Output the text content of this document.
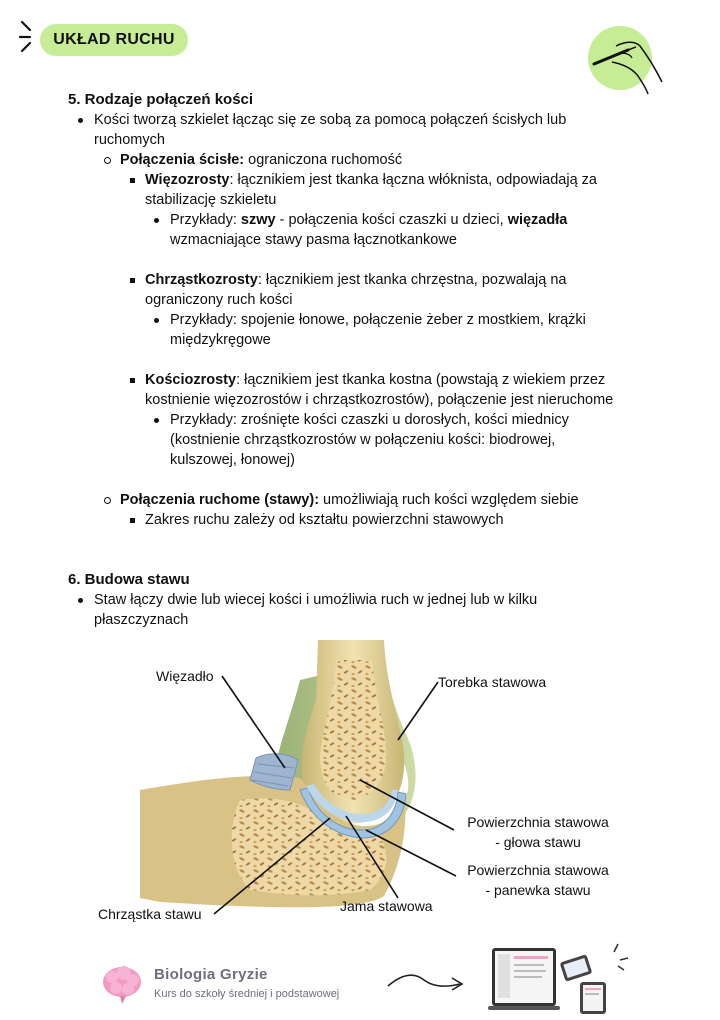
UKŁAD RUCHU
5. Rodzaje połączeń kości
Kości tworzą szkielet łącząc się ze sobą za pomocą połączeń ścisłych lub
ruchomych
Połączenia ścisłe: ograniczona ruchomość
Więzozrosty: łącznikiem jest tkanka łączna włóknista, odpowiadają za
stabilizację szkieletu
Przykłady: szwy - połączenia kości czaszki u dzieci, więzadła
wzmacniające stawy pasma łącznotkankowe
Chrząstkozrosty: łącznikiem jest tkanka chrzęstna, pozwalają na
ograniczony ruch kości
Przykłady: spojenie łonowe, połączenie żeber z mostkiem, krążki
międzykręgowe
Kościozrosty: łącznikiem jest tkanka kostna (powstają z wiekiem przez
kostnienie więzozrostów i chrząstkozrostów), połączenie jest nieruchome
Przykłady: zrośnięte kości czaszki u dorosłych, kości miednicy
(kostnienie chrząstkozrostów w połączeniu kości: biodrowej,
kulszowej, łonowej)
Połączenia ruchome (stawy): umożliwiają ruch kości względem siebie
Zakres ruchu zależy od kształtu powierzchni stawowych
6. Budowa stawu
Staw łączy dwie lub wiecej kości i umożliwia ruch w jednej lub w kilku
płaszczyznach
Więzadło	Torebka stawowa
Powierzchnia stawowa
- głowa stawu
Powierzchnia stawowa
- panewka stawu
Jama stawowa
Chrząstka stawu
Biologia Gryzie
Kurs do szkoły średniej i podstawowej
